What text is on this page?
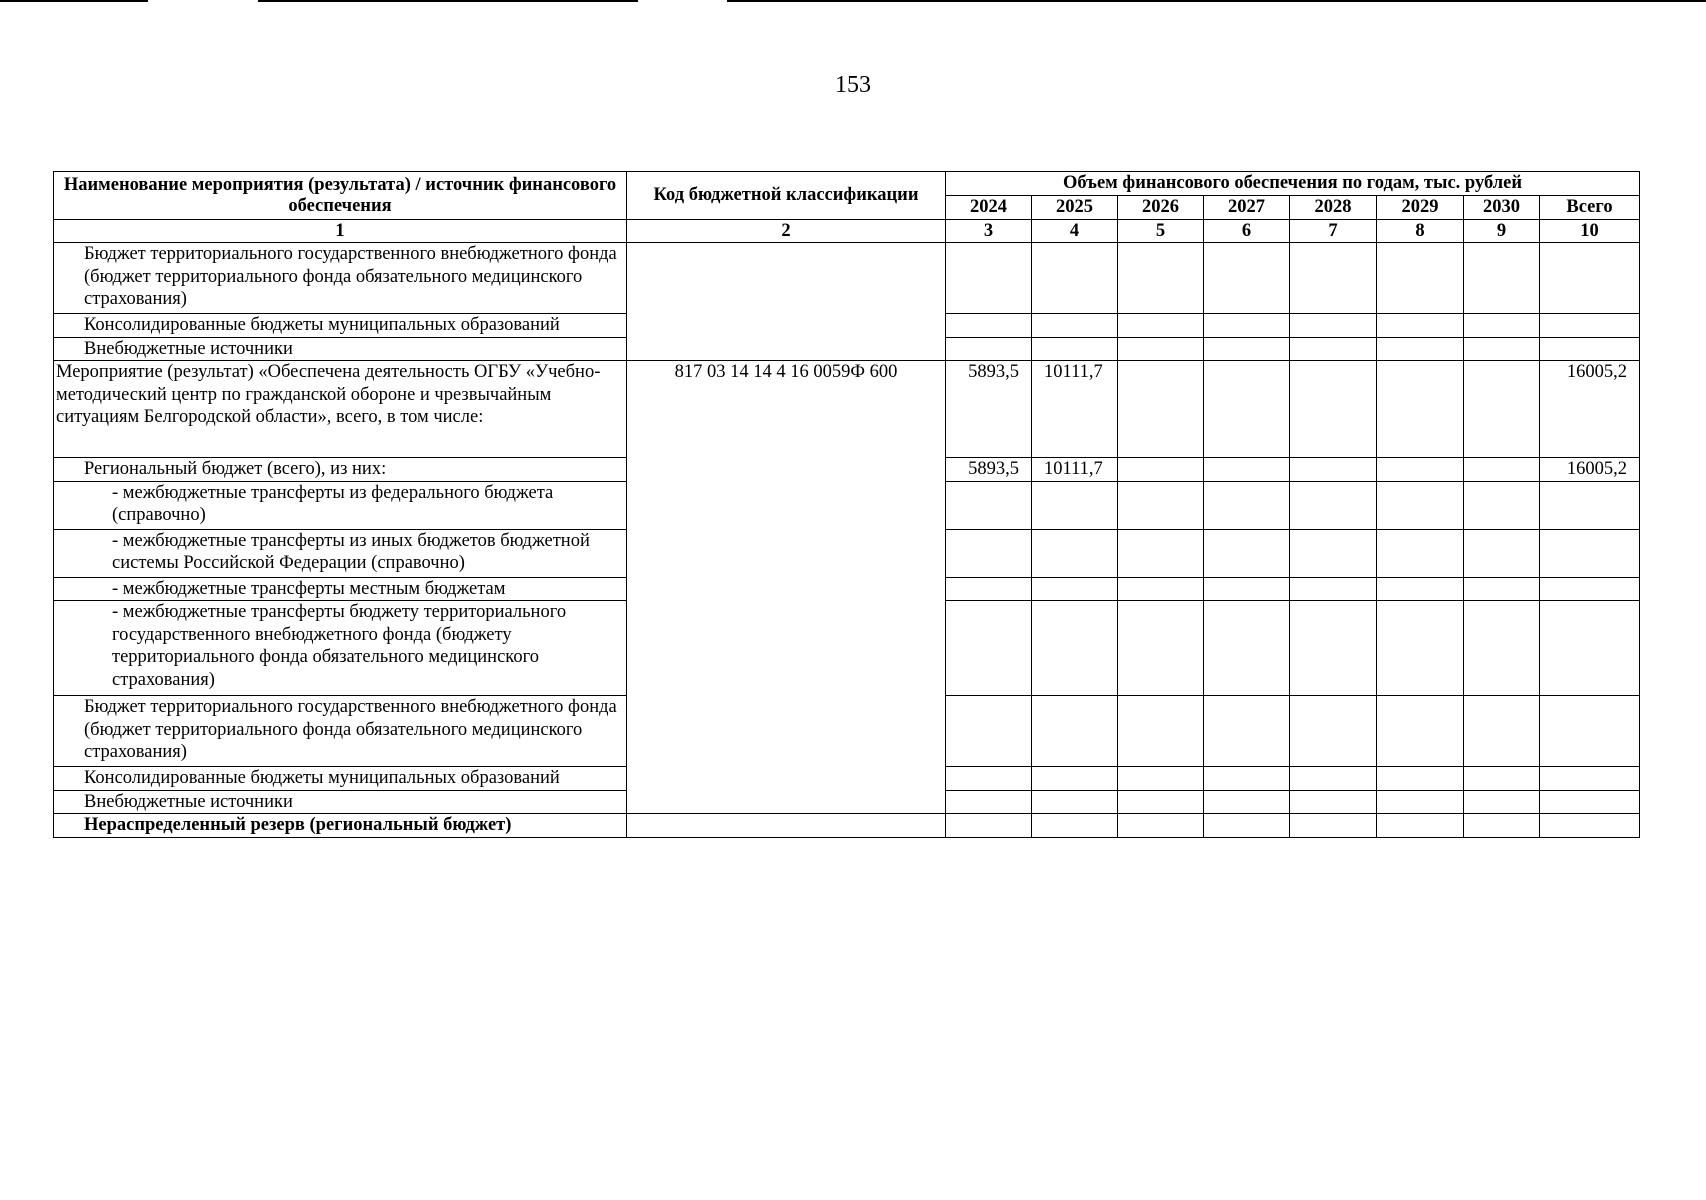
153
Наименование мероприятия (результата) / источник финансового обеспечения	Код бюджетной классификации	Объем финансового обеспечения по годам, тыс. рублей							
		2024	2025	2026	2027	2028	2029	2030	Всего
1	2	3	4	5	6	7	8	9	10
Бюджет территориального государственного внебюджетного фонда (бюджет территориального фонда обязательного медицинского страхования)									
Консолидированные бюджеты муниципальных образований									
Внебюджетные источники									
Мероприятие (результат) «Обеспечена деятельность ОГБУ «Учебно-методический центр по гражданской обороне и чрезвычайным ситуациям Белгородской области», всего, в том числе:	817 03 14 14 4 16 0059Ф 600	5893,5	10111,7						16005,2
Региональный бюджет (всего), из них:		5893,5	10111,7						16005,2
- межбюджетные трансферты из федерального бюджета (справочно)									
- межбюджетные трансферты из иных бюджетов бюджетной системы Российской Федерации (справочно)									
- межбюджетные трансферты местным бюджетам									
- межбюджетные трансферты бюджету территориального государственного внебюджетного фонда (бюджету территориального фонда обязательного медицинского страхования)									
Бюджет территориального государственного внебюджетного фонда (бюджет территориального фонда обязательного медицинского страхования)									
Консолидированные бюджеты муниципальных образований									
Внебюджетные источники									
Нераспределенный резерв (региональный бюджет)									
